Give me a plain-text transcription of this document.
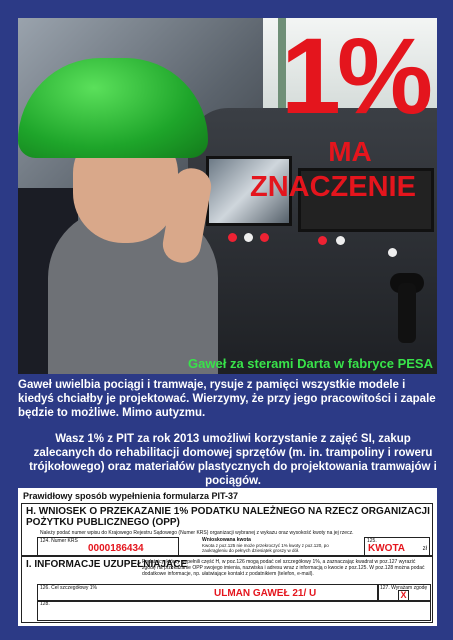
1%
MA
ZNACZENIE
Gaweł za sterami Darta w fabryce PESA
Gaweł uwielbia pociągi i tramwaje, rysuje z pamięci wszystkie modele i kiedyś chciałby je projektować. Wierzymy, że przy jego pracowitości i zapale będzie to możliwe. Mimo autyzmu.
Wasz 1% z PIT za rok 2013 umożliwi korzystanie z zajęć SI, zakup zalecanych do rehabilitacji domowej sprzętów (m. in. trampoliny i roweru trójkołowego) oraz materiałów plastycznych do projektowania tramwajów i pociągów.
Prawidłowy sposób wypełnienia formularza PIT-37
H. WNIOSEK O PRZEKAZANIE 1% PODATKU NALEŻNEGO NA RZECZ ORGANIZACJI POŻYTKU PUBLICZNEGO (OPP)
Należy podać numer wpisu do Krajowego Rejestru Sądowego (Numer KRS) organizacji wybranej z wykazu oraz wysokość kwoty na jej rzecz.
124. Numer KRS
0000186434
Wnioskowana kwota
Kwota z poz.125 nie może przekroczyć 1% kwoty z poz.120, po zaokrągleniu do pełnych dziesiątek groszy w dół.
125.
KWOTA	zł
I. INFORMACJE UZUPEŁNIAJĄCE
Podatnicy, którzy wypełnili część H, w poz.126 mogą podać cel szczegółowy 1%, a zaznaczając kwadrat w poz.127 wyrazić zgodę na przekazanie OPP swojego imienia, nazwiska i adresu wraz z informacją o kwocie z poz.125. W poz.128 można podać dodatkowe informacje, np. ułatwiające kontakt z podatnikiem (telefon, e-mail).
126. Cel szczegółowy 1%	ULMAN GAWEŁ 21/ U	127. Wyrażam zgodę
X
128.
